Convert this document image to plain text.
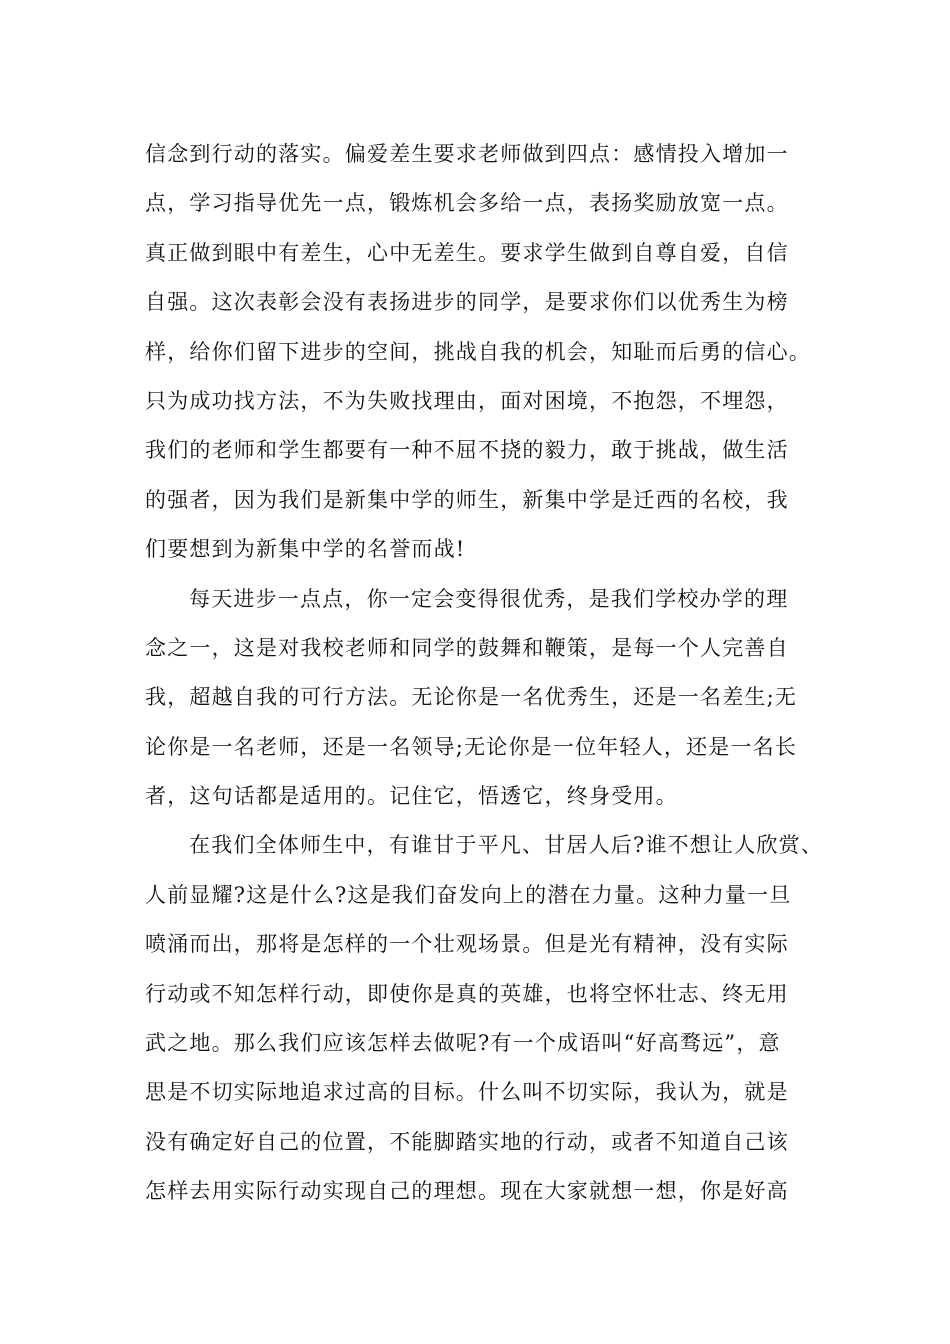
信念到行动的落实。偏爱差生要求老师做到四点：感情投入增加一
点，学习指导优先一点，锻炼机会多给一点，表扬奖励放宽一点。
真正做到眼中有差生，心中无差生。要求学生做到自尊自爱，自信
自强。这次表彰会没有表扬进步的同学，是要求你们以优秀生为榜
样，给你们留下进步的空间，挑战自我的机会，知耻而后勇的信心。
只为成功找方法，不为失败找理由，面对困境，不抱怨，不埋怨，
我们的老师和学生都要有一种不屈不挠的毅力，敢于挑战，做生活
的强者，因为我们是新集中学的师生，新集中学是迁西的名校，我
们要想到为新集中学的名誉而战!
每天进步一点点，你一定会变得很优秀，是我们学校办学的理
念之一，这是对我校老师和同学的鼓舞和鞭策，是每一个人完善自
我，超越自我的可行方法。无论你是一名优秀生，还是一名差生;无
论你是一名老师，还是一名领导;无论你是一位年轻人，还是一名长
者，这句话都是适用的。记住它，悟透它，终身受用。
在我们全体师生中，有谁甘于平凡、甘居人后?谁不想让人欣赏、
人前显耀?这是什么?这是我们奋发向上的潜在力量。这种力量一旦
喷涌而出，那将是怎样的一个壮观场景。但是光有精神，没有实际
行动或不知怎样行动，即使你是真的英雄，也将空怀壮志、终无用
武之地。那么我们应该怎样去做呢?有一个成语叫“好高骛远”，意
思是不切实际地追求过高的目标。什么叫不切实际，我认为，就是
没有确定好自己的位置，不能脚踏实地的行动，或者不知道自己该
怎样去用实际行动实现自己的理想。现在大家就想一想，你是好高
